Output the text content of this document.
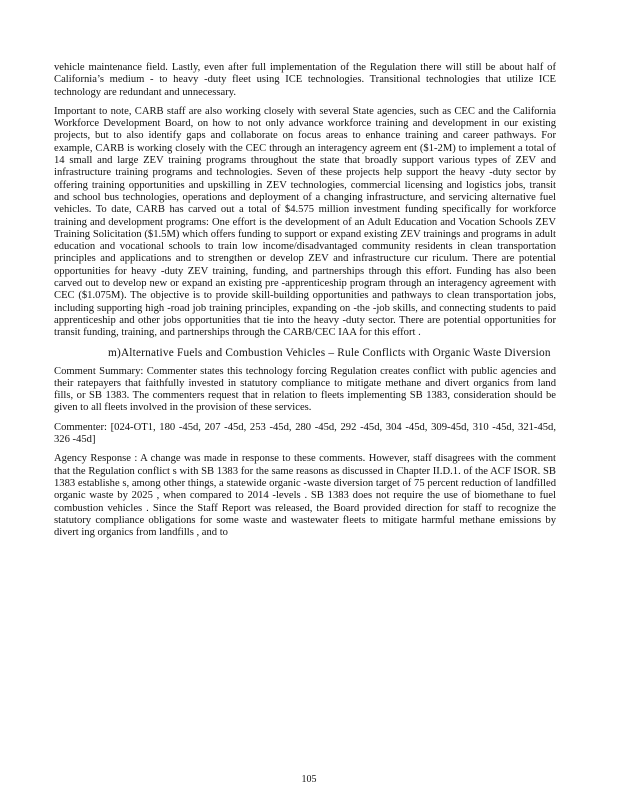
vehicle maintenance field. Lastly, even after full implementation of the Regulation there will still be about half of California’s medium - to heavy -duty fleet using ICE technologies. Transitional technologies that utilize ICE technology are redundant and unnecessary.

Important to note, CARB staff are also working closely with several State agencies, such as CEC and the California Workforce Development Board, on how to not only advance workforce training and development in our existing projects, but to also identify gaps and collaborate on focus areas to enhance training and career pathways. For example, CARB is working closely with the CEC through an interagency agreem ent ($1-2M) to implement a total of 14 small and large ZEV training programs throughout the state that broadly support various types of ZEV and infrastructure training programs and technologies. Seven of these projects help support the heavy -duty sector by offering training opportunities and upskilling in ZEV technologies, commercial licensing and logistics jobs, transit and school bus technologies, operations and deployment of a changing infrastructure, and servicing alternative fuel vehicles. To date, CARB has carved out a total of $4.575 million investment funding specifically for workforce training and development programs: One effort is the development of an Adult Education and Vocation Schools ZEV Training Solicitation ($1.5M) which offers funding to support or expand existing ZEV trainings and programs in adult education and vocational schools to train low income/disadvantaged community residents in clean transportation principles and applications and to strengthen or develop ZEV and infrastructure cur riculum. There are potential opportunities for heavy -duty ZEV training, funding, and partnerships through this effort. Funding has also been carved out to develop new or expand an existing pre -apprenticeship program through an interagency agreement with CEC ($1.075M). The objective is to provide skill-building opportunities and pathways to clean transportation jobs, including supporting high -road job training principles, expanding on -the -job skills, and connecting students to paid apprenticeship and other jobs opportunities that tie into the heavy -duty sector. There are potential opportunities for transit funding, training, and partnerships through the CARB/CEC IAA for this effort .

m)Alternative Fuels and Combustion Vehicles – Rule Conflicts with Organic Waste Diversion

Comment Summary: Commenter states this technology forcing Regulation creates conflict with public agencies and their ratepayers that faithfully invested in statutory compliance to mitigate methane and divert organics from land fills, or SB 1383. The commenters request that in relation to fleets implementing SB 1383, consideration should be given to all fleets involved in the provision of these services.

Commenter: [024-OT1, 180 -45d, 207 -45d, 253 -45d, 280 -45d, 292 -45d, 304 -45d, 309-45d, 310 -45d, 321-45d, 326 -45d]

Agency Response : A change was made in response to these comments. However, staff disagrees with the comment that the Regulation conflict s with SB 1383 for the same reasons as discussed in Chapter II.D.1. of the ACF ISOR. SB 1383 establishe s, among other things, a statewide organic -waste diversion target of 75 percent reduction of landfilled organic waste by 2025 , when compared to 2014 -levels . SB 1383 does not require the use of biomethane to fuel combustion vehicles . Since the Staff Report was released, the Board provided direction for staff to recognize the statutory compliance obligations for some waste and wastewater fleets to mitigate harmful methane emissions by divert ing organics from landfills , and to

105
